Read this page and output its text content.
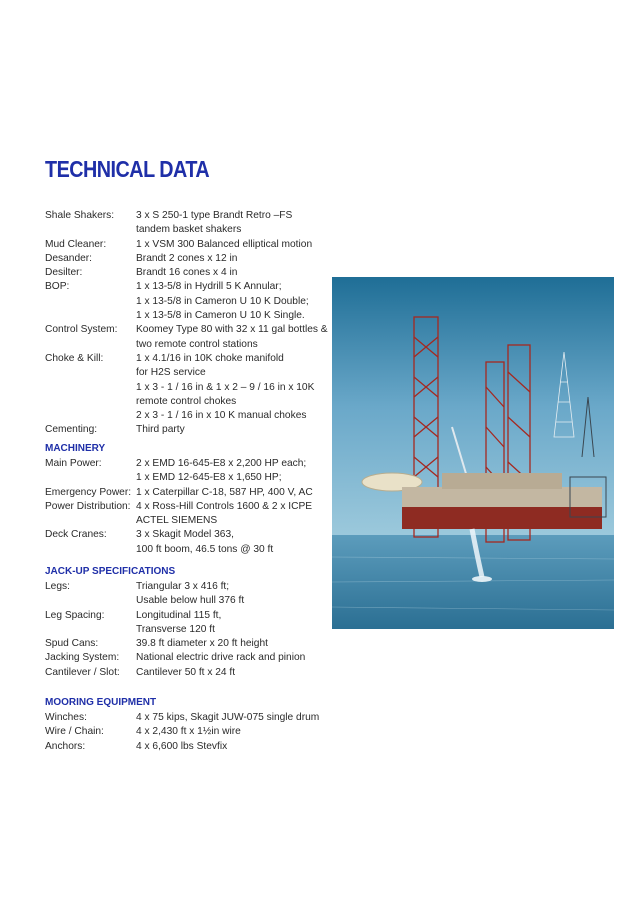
TECHNICAL DATA
Shale Shakers:	3 x S 250-1 type Brandt Retro –FS
tandem basket shakers
Mud Cleaner:	1 x VSM 300 Balanced elliptical motion
Desander:	Brandt 2 cones x 12 in
Desilter:	Brandt 16 cones x 4 in
BOP:	1 x 13-5/8 in Hydrill 5 K Annular;
1 x 13-5/8 in Cameron U 10 K Double;
1 x 13-5/8 in Cameron U 10 K Single.
Control System:	Koomey Type 80 with 32 x 11 gal bottles &
two remote control stations
Choke & Kill:	1 x 4.1/16 in 10K choke manifold
for H2S service
1 x 3 - 1 / 16 in & 1 x 2 – 9 / 16 in x 10K
remote control chokes
2 x 3 - 1 / 16 in x 10 K manual chokes
Cementing:	Third party
MACHINERY
Main Power:	2 x EMD 16-645-E8 x 2,200 HP each;
1 x EMD 12-645-E8 x 1,650 HP;
Emergency Power: 1 x Caterpillar C-18, 587 HP, 400 V, AC
Power Distribution: 4 x Ross-Hill Controls 1600 & 2 x ICPE
ACTEL SIEMENS
Deck Cranes:	3 x Skagit Model 363,
100 ft boom, 46.5 tons @ 30 ft
JACK-UP SPECIFICATIONS
Legs:	Triangular 3 x 416 ft;
Usable below hull 376 ft
Leg Spacing:	Longitudinal 115 ft,
Transverse 120 ft
Spud Cans:	39.8 ft diameter x 20 ft height
Jacking System:	National electric drive rack and pinion
Cantilever / Slot:	Cantilever 50 ft x 24 ft
MOORING EQUIPMENT
Winches:	4 x 75 kips, Skagit JUW-075 single drum
Wire / Chain:	4 x 2,430 ft x 1½in wire
Anchors:	4 x 6,600 lbs Stevfix
